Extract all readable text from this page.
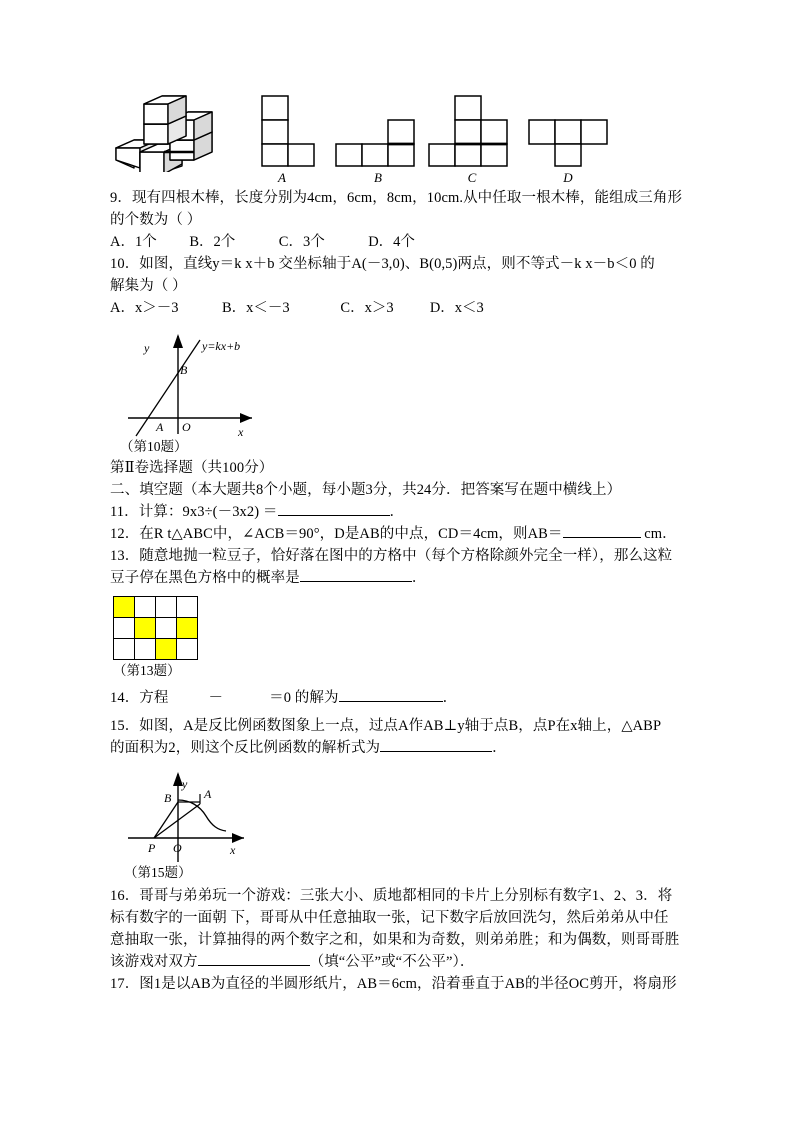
A	B	C	D
9．现有四根木棒，长度分别为4cm，6cm，8cm，10cm.从中任取一根木棒，能组成三角形
的个数为（ ）
A．1个         B．2个            C．3个            D．4个
10．如图，直线y＝k x＋b 交坐标轴于A(－3,0)、B(0,5)两点，则不等式－k x－b＜0 的
解集为（ ）
A．x＞－3            B．x＜－3              C．x＞3          D．x＜3
y	y=kx+b
B
A O	x
（第10题）
第Ⅱ卷选择题（共100分）
二、填空题（本大题共8个小题，每小题3分，共24分．把答案写在题中横线上）
11．计算：9x3÷(－3x2) ＝	．
12．在R t△ABC中，∠ACB＝90°，D是AB的中点，CD＝4cm，则AB＝	cm．
13．随意地抛一粒豆子，恰好落在图中的方格中（每个方格除颜外完全一样），那么这粒
豆子停在黑色方格中的概率是	．

（第13题）
14．方程	－	＝0 的解为	．
15．如图，A是反比例函数图象上一点，过点A作AB⊥y轴于点B，点P在x轴上，△ABP
的面积为2，则这个反比例函数的解析式为	．
y
B	A
P O	x
（第15题）
16．哥哥与弟弟玩一个游戏：三张大小、质地都相同的卡片上分别标有数字1、2、3．将
标有数字的一面朝 下，哥哥从中任意抽取一张，记下数字后放回洗匀，然后弟弟从中任
意抽取一张，计算抽得的两个数字之和，如果和为奇数，则弟弟胜；和为偶数，则哥哥胜
该游戏对双方	（填“公平”或“不公平”）．
17．图1是以AB为直径的半圆形纸片，AB＝6cm，沿着垂直于AB的半径OC剪开，将扇形
